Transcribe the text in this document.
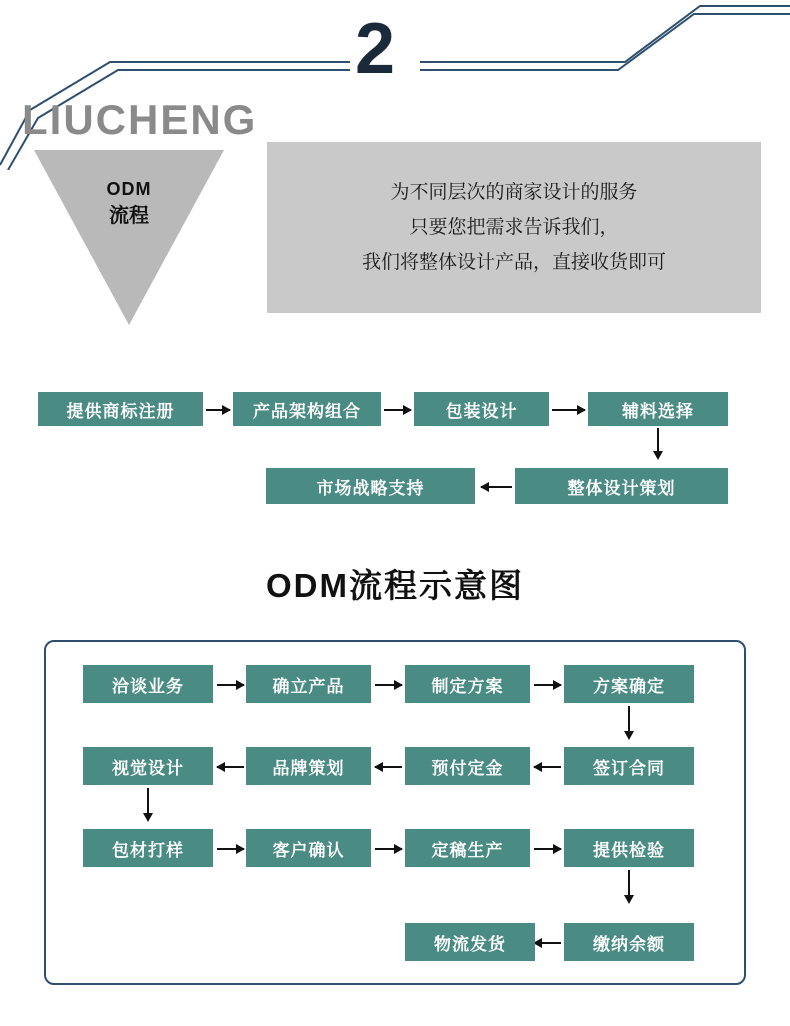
2
LIUCHENG
ODM
流程

为不同层次的商家设计的服务

只要您把需求告诉我们，

我们将整体设计产品，直接收货即可

提供商标注册	产品架构组合	包装设计	辅料选择
整体设计策划
市场战略支持
ODM流程示意图
洽谈业务	确立产品	制定方案	方案确定
签订合同
预付定金
品牌策划
视觉设计
包材打样	客户确认	定稿生产	提供检验
缴纳余额
物流发货
